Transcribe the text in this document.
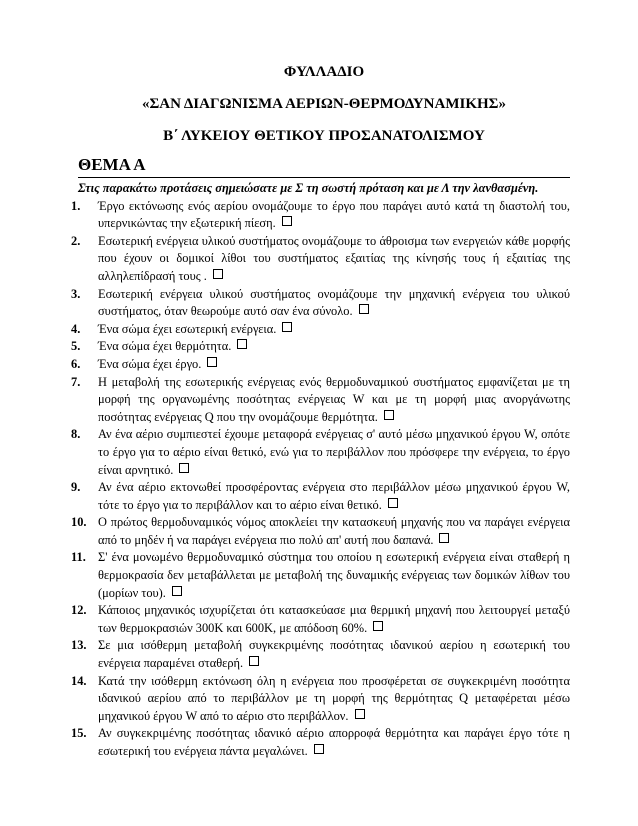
ΦΥΛΛΑΔΙΟ
«ΣΑΝ ΔΙΑΓΩΝΙΣΜΑ ΑΕΡΙΩΝ-ΘΕΡΜΟΔΥΝΑΜΙΚΗΣ»
Β΄ ΛΥΚΕΙΟΥ ΘΕΤΙΚΟΥ ΠΡΟΣΑΝΑΤΟΛΙΣΜΟΥ
ΘΕΜΑ Α
Στις παρακάτω προτάσεις σημειώσατε με Σ τη σωστή πρόταση και με Λ την λανθασμένη.
1.	Έργο εκτόνωσης ενός αερίου ονομάζουμε το έργο που παράγει αυτό κατά τη διαστολή του, υπερνικώντας την εξωτερική πίεση.
2.	Εσωτερική ενέργεια υλικού συστήματος ονομάζουμε το άθροισμα των ενεργειών κάθε μορφής που έχουν οι δομικοί λίθοι του συστήματος εξαιτίας της κίνησής τους ή εξαιτίας της αλληλεπίδρασή τους .
3.	Εσωτερική ενέργεια υλικού συστήματος ονομάζουμε την μηχανική ενέργεια του υλικού συστήματος, όταν θεωρούμε αυτό σαν ένα σύνολο.
4.	Ένα σώμα έχει εσωτερική ενέργεια.
5.	Ένα σώμα έχει θερμότητα.
6.	Ένα σώμα έχει έργο.
7.	Η μεταβολή της εσωτερικής ενέργειας ενός θερμοδυναμικού συστήματος εμφανίζεται με τη μορφή της οργανωμένης ποσότητας ενέργειας W και με τη μορφή μιας ανοργάνωτης ποσότητας ενέργειας Q που την ονομάζουμε θερμότητα.
8.	Αν ένα αέριο συμπιεστεί έχουμε μεταφορά ενέργειας σ' αυτό μέσω μηχανικού έργου W, οπότε το έργο για το αέριο είναι θετικό, ενώ για το περιβάλλον που πρόσφερε την ενέργεια, το έργο είναι αρνητικό.
9.	Αν ένα αέριο εκτονωθεί προσφέροντας ενέργεια στο περιβάλλον μέσω μηχανικού έργου W, τότε το έργο για το περιβάλλον και το αέριο είναι θετικό.
10. Ο πρώτος θερμοδυναμικός νόμος αποκλείει την κατασκευή μηχανής που να παράγει ενέργεια από το μηδέν ή να παράγει ενέργεια πιο πολύ απ' αυτή που δαπανά.
11. Σ' ένα μονωμένο θερμοδυναμικό σύστημα του οποίου η εσωτερική ενέργεια είναι σταθερή η θερμοκρασία δεν μεταβάλλεται με μεταβολή της δυναμικής ενέργειας των δομικών λίθων του (μορίων του).
12. Κάποιος μηχανικός ισχυρίζεται ότι κατασκεύασε μια θερμική μηχανή που λειτουργεί μεταξύ των θερμοκρασιών 300K και 600K, με απόδοση 60%.
13. Σε μια ισόθερμη μεταβολή συγκεκριμένης ποσότητας ιδανικού αερίου η εσωτερική του ενέργεια παραμένει σταθερή.
14. Κατά την ισόθερμη εκτόνωση όλη η ενέργεια που προσφέρεται σε συγκεκριμένη ποσότητα ιδανικού αερίου από το περιβάλλον με τη μορφή της θερμότητας Q μεταφέρεται μέσω μηχανικού έργου W από το αέριο στο περιβάλλον.
15. Αν συγκεκριμένης ποσότητας ιδανικό αέριο απορροφά θερμότητα και παράγει έργο τότε η εσωτερική του ενέργεια πάντα μεγαλώνει.
